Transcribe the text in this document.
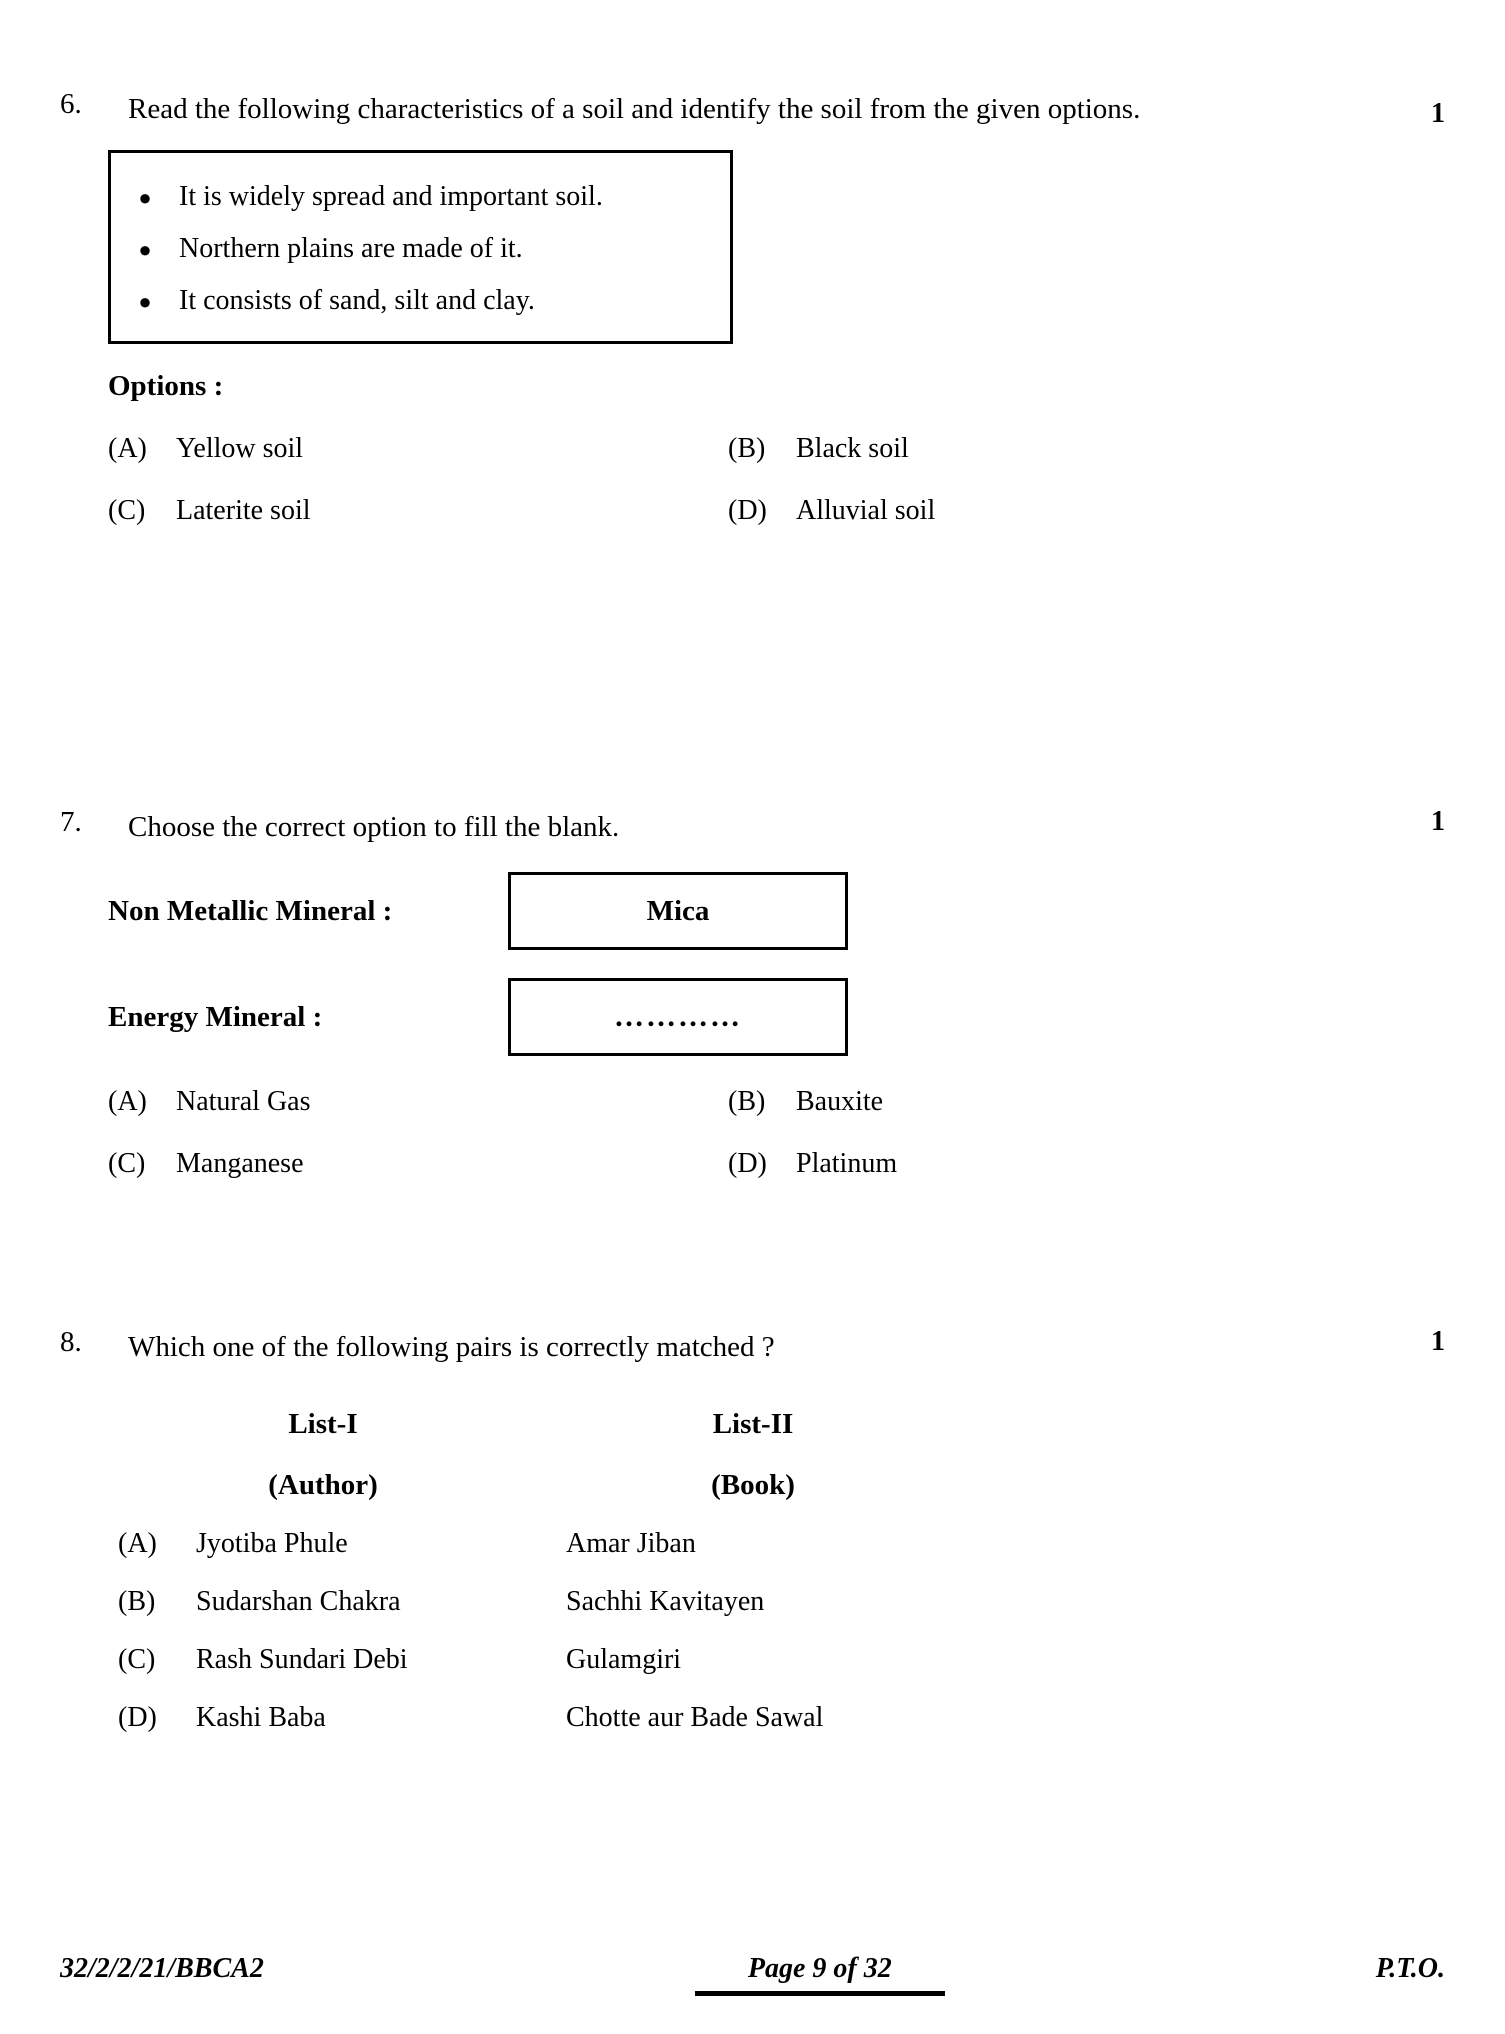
6.	Read the following characteristics of a soil and identify the soil from the given options.	1
● It is widely spread and important soil.
● Northern plains are made of it.
● It consists of sand, silt and clay.
Options :
(A)	Yellow soil	(B)	Black soil
(C)	Laterite soil	(D)	Alluvial soil
7.	Choose the correct option to fill the blank.	1
Non Metallic Mineral :	Mica
Energy Mineral :	…………
(A)	Natural Gas	(B)	Bauxite
(C)	Manganese	(D)	Platinum
8.	Which one of the following pairs is correctly matched ?	1
List-I	List-II
(Author)	(Book)
(A)	Jyotiba Phule	Amar Jiban
(B)	Sudarshan Chakra	Sachhi Kavitayen
(C)	Rash Sundari Debi	Gulamgiri
(D)	Kashi Baba	Chotte aur Bade Sawal
32/2/2/21/BBCA2	Page 9 of 32	P.T.O.
